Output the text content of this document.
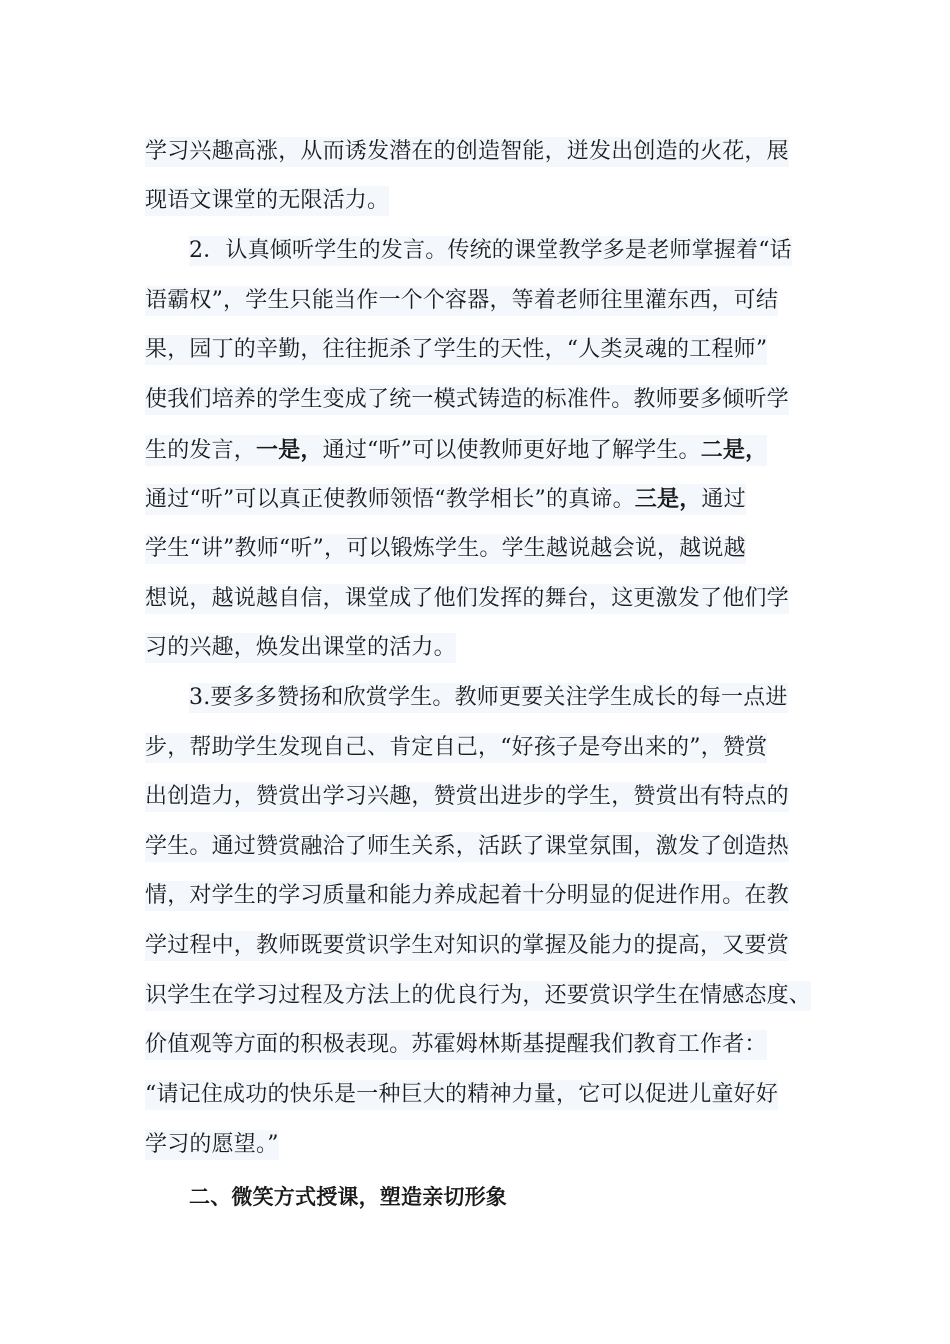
学习兴趣高涨，从而诱发潜在的创造智能，迸发出创造的火花，展
现语文课堂的无限活力。
2．认真倾听学生的发言。传统的课堂教学多是老师掌握着“话
语霸权”，学生只能当作一个个容器，等着老师往里灌东西，可结
果，园丁的辛勤，往往扼杀了学生的天性，“人类灵魂的工程师”
使我们培养的学生变成了统一模式铸造的标准件。教师要多倾听学
生的发言，一是，通过“听”可以使教师更好地了解学生。二是，
通过“听”可以真正使教师领悟“教学相长”的真谛。三是，通过
学生“讲”教师“听”，可以锻炼学生。学生越说越会说，越说越
想说，越说越自信，课堂成了他们发挥的舞台，这更激发了他们学
习的兴趣，焕发出课堂的活力。
3.要多多赞扬和欣赏学生。教师更要关注学生成长的每一点进
步，帮助学生发现自己、肯定自己，“好孩子是夸出来的”，赞赏
出创造力，赞赏出学习兴趣，赞赏出进步的学生，赞赏出有特点的
学生。通过赞赏融洽了师生关系，活跃了课堂氛围，激发了创造热
情，对学生的学习质量和能力养成起着十分明显的促进作用。在教
学过程中，教师既要赏识学生对知识的掌握及能力的提高，又要赏
识学生在学习过程及方法上的优良行为，还要赏识学生在情感态度、
价值观等方面的积极表现。苏霍姆林斯基提醒我们教育工作者：
“请记住成功的快乐是一种巨大的精神力量，它可以促进儿童好好
学习的愿望。”
二、微笑方式授课，塑造亲切形象
